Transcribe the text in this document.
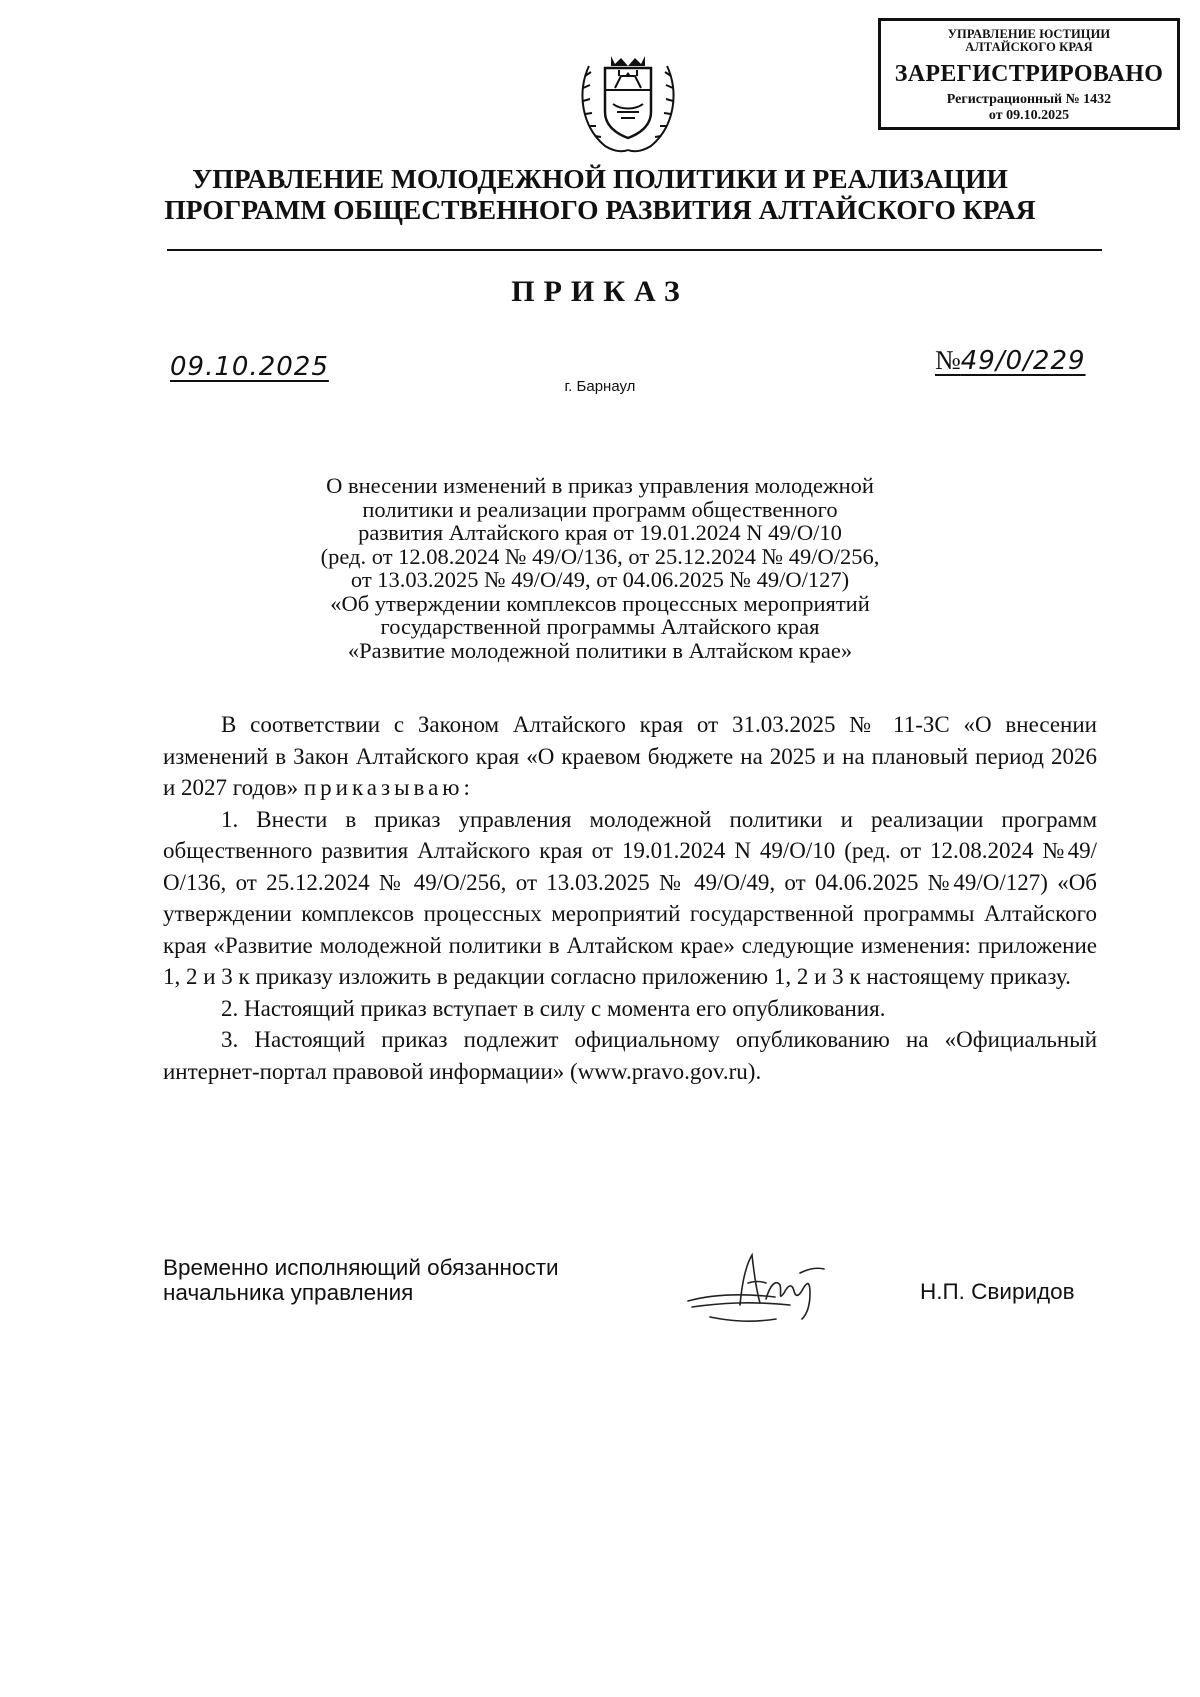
УПРАВЛЕНИЕ ЮСТИЦИИ
АЛТАЙСКОГО КРАЯ
ЗАРЕГИСТРИРОВАНО
Регистрационный № 1432
от 09.10.2025
УПРАВЛЕНИЕ МОЛОДЕЖНОЙ ПОЛИТИКИ И РЕАЛИЗАЦИИ
ПРОГРАММ ОБЩЕСТВЕННОГО РАЗВИТИЯ АЛТАЙСКОГО КРАЯ
ПРИКАЗ
09.10.2025	№49/0/229
г. Барнаул
О внесении изменений в приказ управления молодежной
политики и реализации программ общественного
развития Алтайского края от 19.01.2024 N 49/О/10
(ред. от 12.08.2024 № 49/О/136, от 25.12.2024 № 49/О/256,
от 13.03.2025 № 49/О/49, от 04.06.2025 № 49/О/127)
«Об утверждении комплексов процессных мероприятий
государственной программы Алтайского края
«Развитие молодежной политики в Алтайском крае»

В соответствии с Законом Алтайского края от 31.03.2025 № 11-ЗС «О внесении изменений в Закон Алтайского края «О краевом бюджете на 2025 и на плановый период 2026 и 2027 годов» приказываю:

1. Внести в приказ управления молодежной политики и реализации программ общественного развития Алтайского края от 19.01.2024 N 49/О/10 (ред. от 12.08.2024 №49/О/136, от 25.12.2024 № 49/О/256, от 13.03.2025 № 49/О/49, от 04.06.2025 №49/О/127) «Об утверждении комплексов процессных мероприятий государственной программы Алтайского края «Развитие молодежной политики в Алтайском крае» следующие изменения: приложение 1, 2 и 3 к приказу изложить в редакции согласно приложению 1, 2 и 3 к настоящему приказу.

2. Настоящий приказ вступает в силу с момента его опубликования.

3. Настоящий приказ подлежит официальному опубликованию на «Официальный интернет-портал правовой информации» (www.pravo.gov.ru).

Временно исполняющий обязанности
начальника управления	Н.П. Свиридов
